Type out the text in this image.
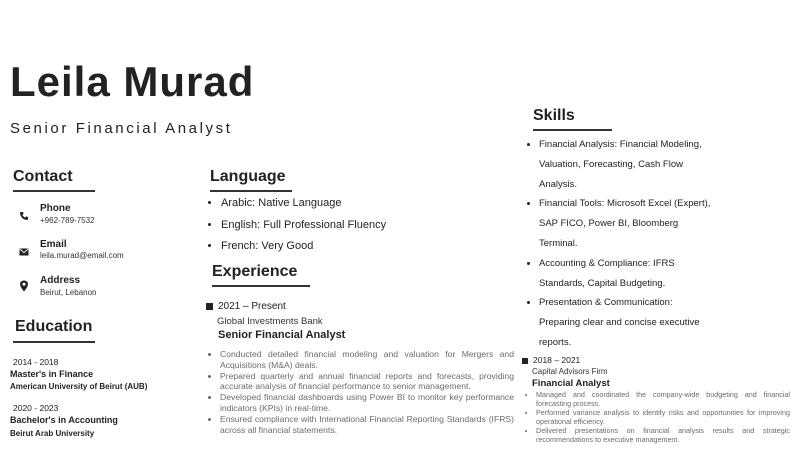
Leila Murad
Senior Financial Analyst
Contact
Phone
+962-789-7532
Email
leila.murad@email.com
Address
Beirut, Lebanon
Education
2014 - 2018
Master's in Finance
American University of Beirut (AUB)
2020 - 2023
Bachelor's in Accounting
Beirut Arab University
Language
• Arabic: Native Language
• English: Full Professional Fluency
• French: Very Good
Experience
2021 – Present
Global Investments Bank
Senior Financial Analyst
• Conducted detailed financial modeling and valuation for Mergers and Acquisitions (M&A) deals.
• Prepared quarterly and annual financial reports and forecasts, providing accurate analysis of financial performance to senior management.
• Developed financial dashboards using Power BI to monitor key performance indicators (KPIs) in real-time.
• Ensured compliance with International Financial Reporting Standards (IFRS) across all financial statements.
Skills
• Financial Analysis: Financial Modeling, Valuation, Forecasting, Cash Flow Analysis.
• Financial Tools: Microsoft Excel (Expert), SAP FICO, Power BI, Bloomberg Terminal.
• Accounting & Compliance: IFRS Standards, Capital Budgeting.
• Presentation & Communication: Preparing clear and concise executive reports.
2018 – 2021
Capital Advisors Firm
Financial Analyst
• Managed and coordinated the company-wide budgeting and financial forecasting process.
• Performed variance analysis to identify risks and opportunities for improving operational efficiency.
• Delivered presentations on financial analysis results and strategic recommendations to executive management.
